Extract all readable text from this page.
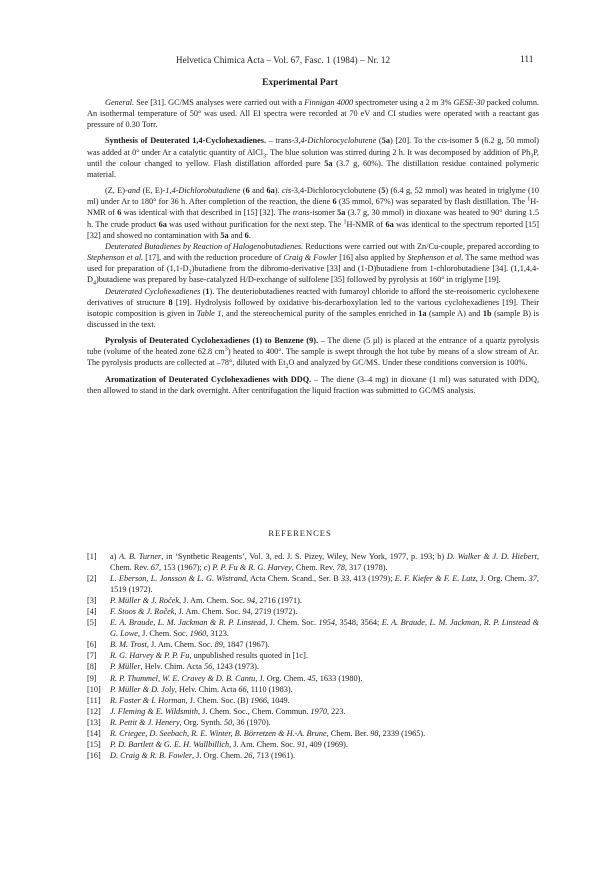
Helvetica Chimica Acta – Vol. 67, Fasc. 1 (1984) – Nr. 12	111
Experimental Part

General. See [31]. GC/MS analyses were carried out with a Finnigan 4000 spectrometer using a 2 m 3% GESE-30 packed column. An isothermal temperature of 50° was used. All EI spectra were recorded at 70 eV and CI studies were operated with a reactant gas pressure of 0.30 Torr.

Synthesis of Deuterated 1,4-Cyclohexadienes. – trans-3,4-Dichlorocyclobutene (5a) [20]. To the cis-isomer 5 (6.2 g, 50 mmol) was added at 0° under Ar a catalytic quantity of AlCl$_3$. The blue solution was stirred during 2 h. It was decomposed by addition of $Ph_3P$, until the colour changed to yellow. Flash distillation afforded pure 5a (3.7 g, 60%). The distillation residue contained polymeric material.

(Z, E)-and (E, E)-1,4-Dichlorobutadiene (6 and 6a). cis-3,4-Dichlorocyclobutene (5) (6.4 g, 52 mmol) was heated in triglyme (10 ml) under Ar to 180° for 36 h. After completion of the reaction, the diene 6 (35 mmol, 67%) was separated by flash distillation. The $^1$H-NMR of 6 was identical with that described in [15] [32]. The trans-isomer 5a (3.7 g, 30 mmol) in dioxane was heated to 90° during 1.5 h. The crude product 6a was used without purification for the next step. The $^1$H-NMR of 6a was identical to the spectrum reported [15] [32] and showed no contamination with 5a and 6.

Deuterated Butadienes by Reaction of Halogenobutadienes. Reductions were carried out with Zn/Cu-couple, prepared according to Stephenson et al. [17], and with the reduction procedure of Craig & Fowler [16] also applied by Stephenson et al. The same method was used for preparation of $(1,1-D_2)butadiene$ from the dibromo-derivative [33] and (1-D)butadiene from 1-chlorobutadiene [34]. $(1,1,4,4-D_4)butadiene$ was prepared by base-catalyzed H/D-exchange of sulfolene [35] followed by pyrolysis at 160° in triglyme [19].

Deuterated Cyclohexadienes (1). The deuteriobutadienes reacted with fumaroyl chloride to afford the ste-reoisomeric cyclohexene derivatives of structure 8 [19]. Hydrolysis followed by oxidative bis-decarboxylation led to the various cyclohexadienes [19]. Their isotopic composition is given in Table 1, and the stereochemical purity of the samples enriched in 1a (sample A) and 1b (sample B) is discussed in the text.

Pyrolysis of Deuterated Cyclohexadienes (1) to Benzene (9). – The diene (5 µl) is placed at the entrance of a quartz pyrolysis tube (volume of the heated zone 62.8 $cm^3$) heated to 400°. The sample is swept through the hot tube by means of a slow stream of Ar. The pyrolysis products are collected at –78°, diluted with $Et_2O$ and analyzed by GC/MS. Under these conditions conversion is 100%.

Aromatization of Deuterated Cyclohexadienes with DDQ. – The diene (3–4 mg) in dioxane (1 ml) was saturated with DDQ, then allowed to stand in the dark overnight. After centrifugation the liquid fraction was submitted to GC/MS analysis.

REFERENCES
[1]	a) A. B. Turner, in ‘Synthetic Reagents’, Vol. 3, ed. J. S. Pizey, Wiley, New York, 1977, p. 193; b) D. Walker & J. D. Hiebert, Chem. Rev. 67, 153 (1967); c) P. P. Fu & R. G. Harvey, Chem. Rev. 78, 317 (1978).
[2]	L. Eberson, L. Jonsson & L. G. Wistrand, Acta Chem. Scand., Ser. B 33, 413 (1979); E. F. Kiefer & F. E. Lutz, J. Org. Chem. 37, 1519 (1972).
[3]	P. Müller & J. Roček, J. Am. Chem. Soc. 94, 2716 (1971).
[4]	F. Stoos & J. Roček, J. Am. Chem. Soc. 94, 2719 (1972).
[5]	E. A. Braude, L. M. Jackman & R. P. Linstead, J. Chem. Soc. 1954, 3548, 3564; E. A. Braude, L. M. Jackman, R. P. Linstead & G. Lowe, J. Chem. Soc. 1960, 3123.
[6]	B. M. Trost, J. Am. Chem. Soc. 89, 1847 (1967).
[7]	R. G. Harvey & P. P. Fu, unpublished results quoted in [1c].
[8]	P. Müller, Helv. Chim. Acta 56, 1243 (1973).
[9]	R. P. Thummel, W. E. Cravey & D. B. Cantu, J. Org. Chem. 45, 1633 (1980).
[10]	P. Müller & D. Joly, Helv. Chim. Acta 66, 1110 (1983).
[11]	R. Foster & I. Horman, J. Chem. Soc. (B) 1966, 1049.
[12]	J. Fleming & E. Wildsmith, J. Chem. Soc., Chem. Commun. 1970, 223.
[13]	R. Pettit & J. Henery, Org. Synth. 50, 36 (1970).
[14]	R. Criegee, D. Seebach, R. E. Winter, B. Börretzen & H.-A. Brune, Chem. Ber. 98, 2339 (1965).
[15]	P. D. Bartlett & G. E. H. Wallbillich, J. Am. Chem. Soc. 91, 409 (1969).
[16]	D. Craig & R. B. Fowler, J. Org. Chem. 26, 713 (1961).
